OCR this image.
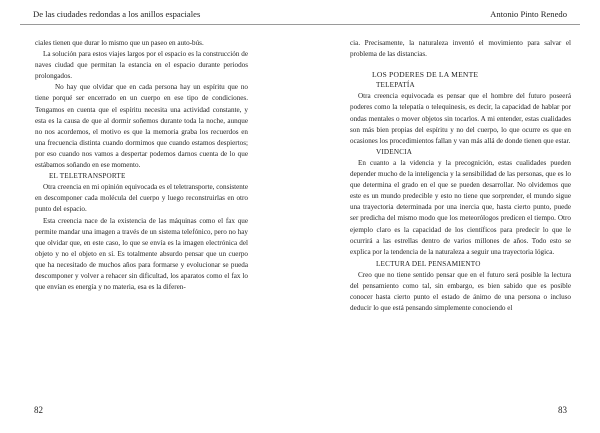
De las ciudades redondas a los anillos espaciales	Antonio Pinto Renedo

ciales tienen que durar lo mismo que un paseo en auto-bús.

La solución para estos viajes largos por el espacio es la construcción de naves ciudad que permitan la estancia en el espacio durante periodos prolongados.

No hay que olvidar que en cada persona hay un espíritu que no tiene porqué ser encerrado en un cuerpo en ese tipo de condiciones. Tengamos en cuenta que el espíritu necesita una actividad constante, y esta es la causa de que al dormir soñemos durante toda la noche, aunque no nos acordemos, el motivo es que la memoria graba los recuerdos en una frecuencia distinta cuando dormimos que cuando estamos despiertos; por eso cuando nos vamos a despertar podemos darnos cuenta de lo que estábamos soñando en ese momento.

EL TELETRANSPORTE

Otra creencia en mi opinión equivocada es el teletransporte, consistente en descomponer cada molécula del cuerpo y luego reconstruirlas en otro punto del espacio.

Esta creencia nace de la existencia de las máquinas como el fax que permite mandar una imagen a través de un sistema telefónico, pero no hay que olvidar que, en este caso, lo que se envía es la imagen electrónica del objeto y no el objeto en sí. Es totalmente absurdo pensar que un cuerpo que ha necesitado de muchos años para formarse y evolucionar se pueda descomponer y volver a rehacer sin dificultad, los aparatos como el fax lo que envían es energía y no materia, esa es la diferen-

cia. Precisamente, la naturaleza inventó el movimiento para salvar el problema de las distancias.

LOS PODERES DE LA MENTE

TELEPATÍA

Otra creencia equivocada es pensar que el hombre del futuro poseerá poderes como la telepatía o telequinesis, es decir, la capacidad de hablar por ondas mentales o mover objetos sin tocarlos. A mi entender, estas cualidades son más bien propias del espíritu y no del cuerpo, lo que ocurre es que en ocasiones los procedimientos fallan y van más allá de donde tienen que estar.

VIDENCIA

En cuanto a la videncia y la precognición, estas cualidades pueden depender mucho de la inteligencia y la sensibilidad de las personas, que es lo que determina el grado en el que se pueden desarrollar. No olvidemos que este es un mundo predecible y esto no tiene que sorprender, el mundo sigue una trayectoria determinada por una inercia que, hasta cierto punto, puede ser predicha del mismo modo que los meteorólogos predicen el tiempo. Otro ejemplo claro es la capacidad de los científicos para predecir lo que le ocurrirá a las estrellas dentro de varios millones de años. Todo esto se explica por la tendencia de la naturaleza a seguir una trayectoria lógica.

LECTURA DEL PENSAMIENTO

Creo que no tiene sentido pensar que en el futuro será posible la lectura del pensamiento como tal, sin embargo, es bien sabido que es posible conocer hasta cierto punto el estado de ánimo de una persona o incluso deducir lo que está pensando simplemente conociendo el

82	83
